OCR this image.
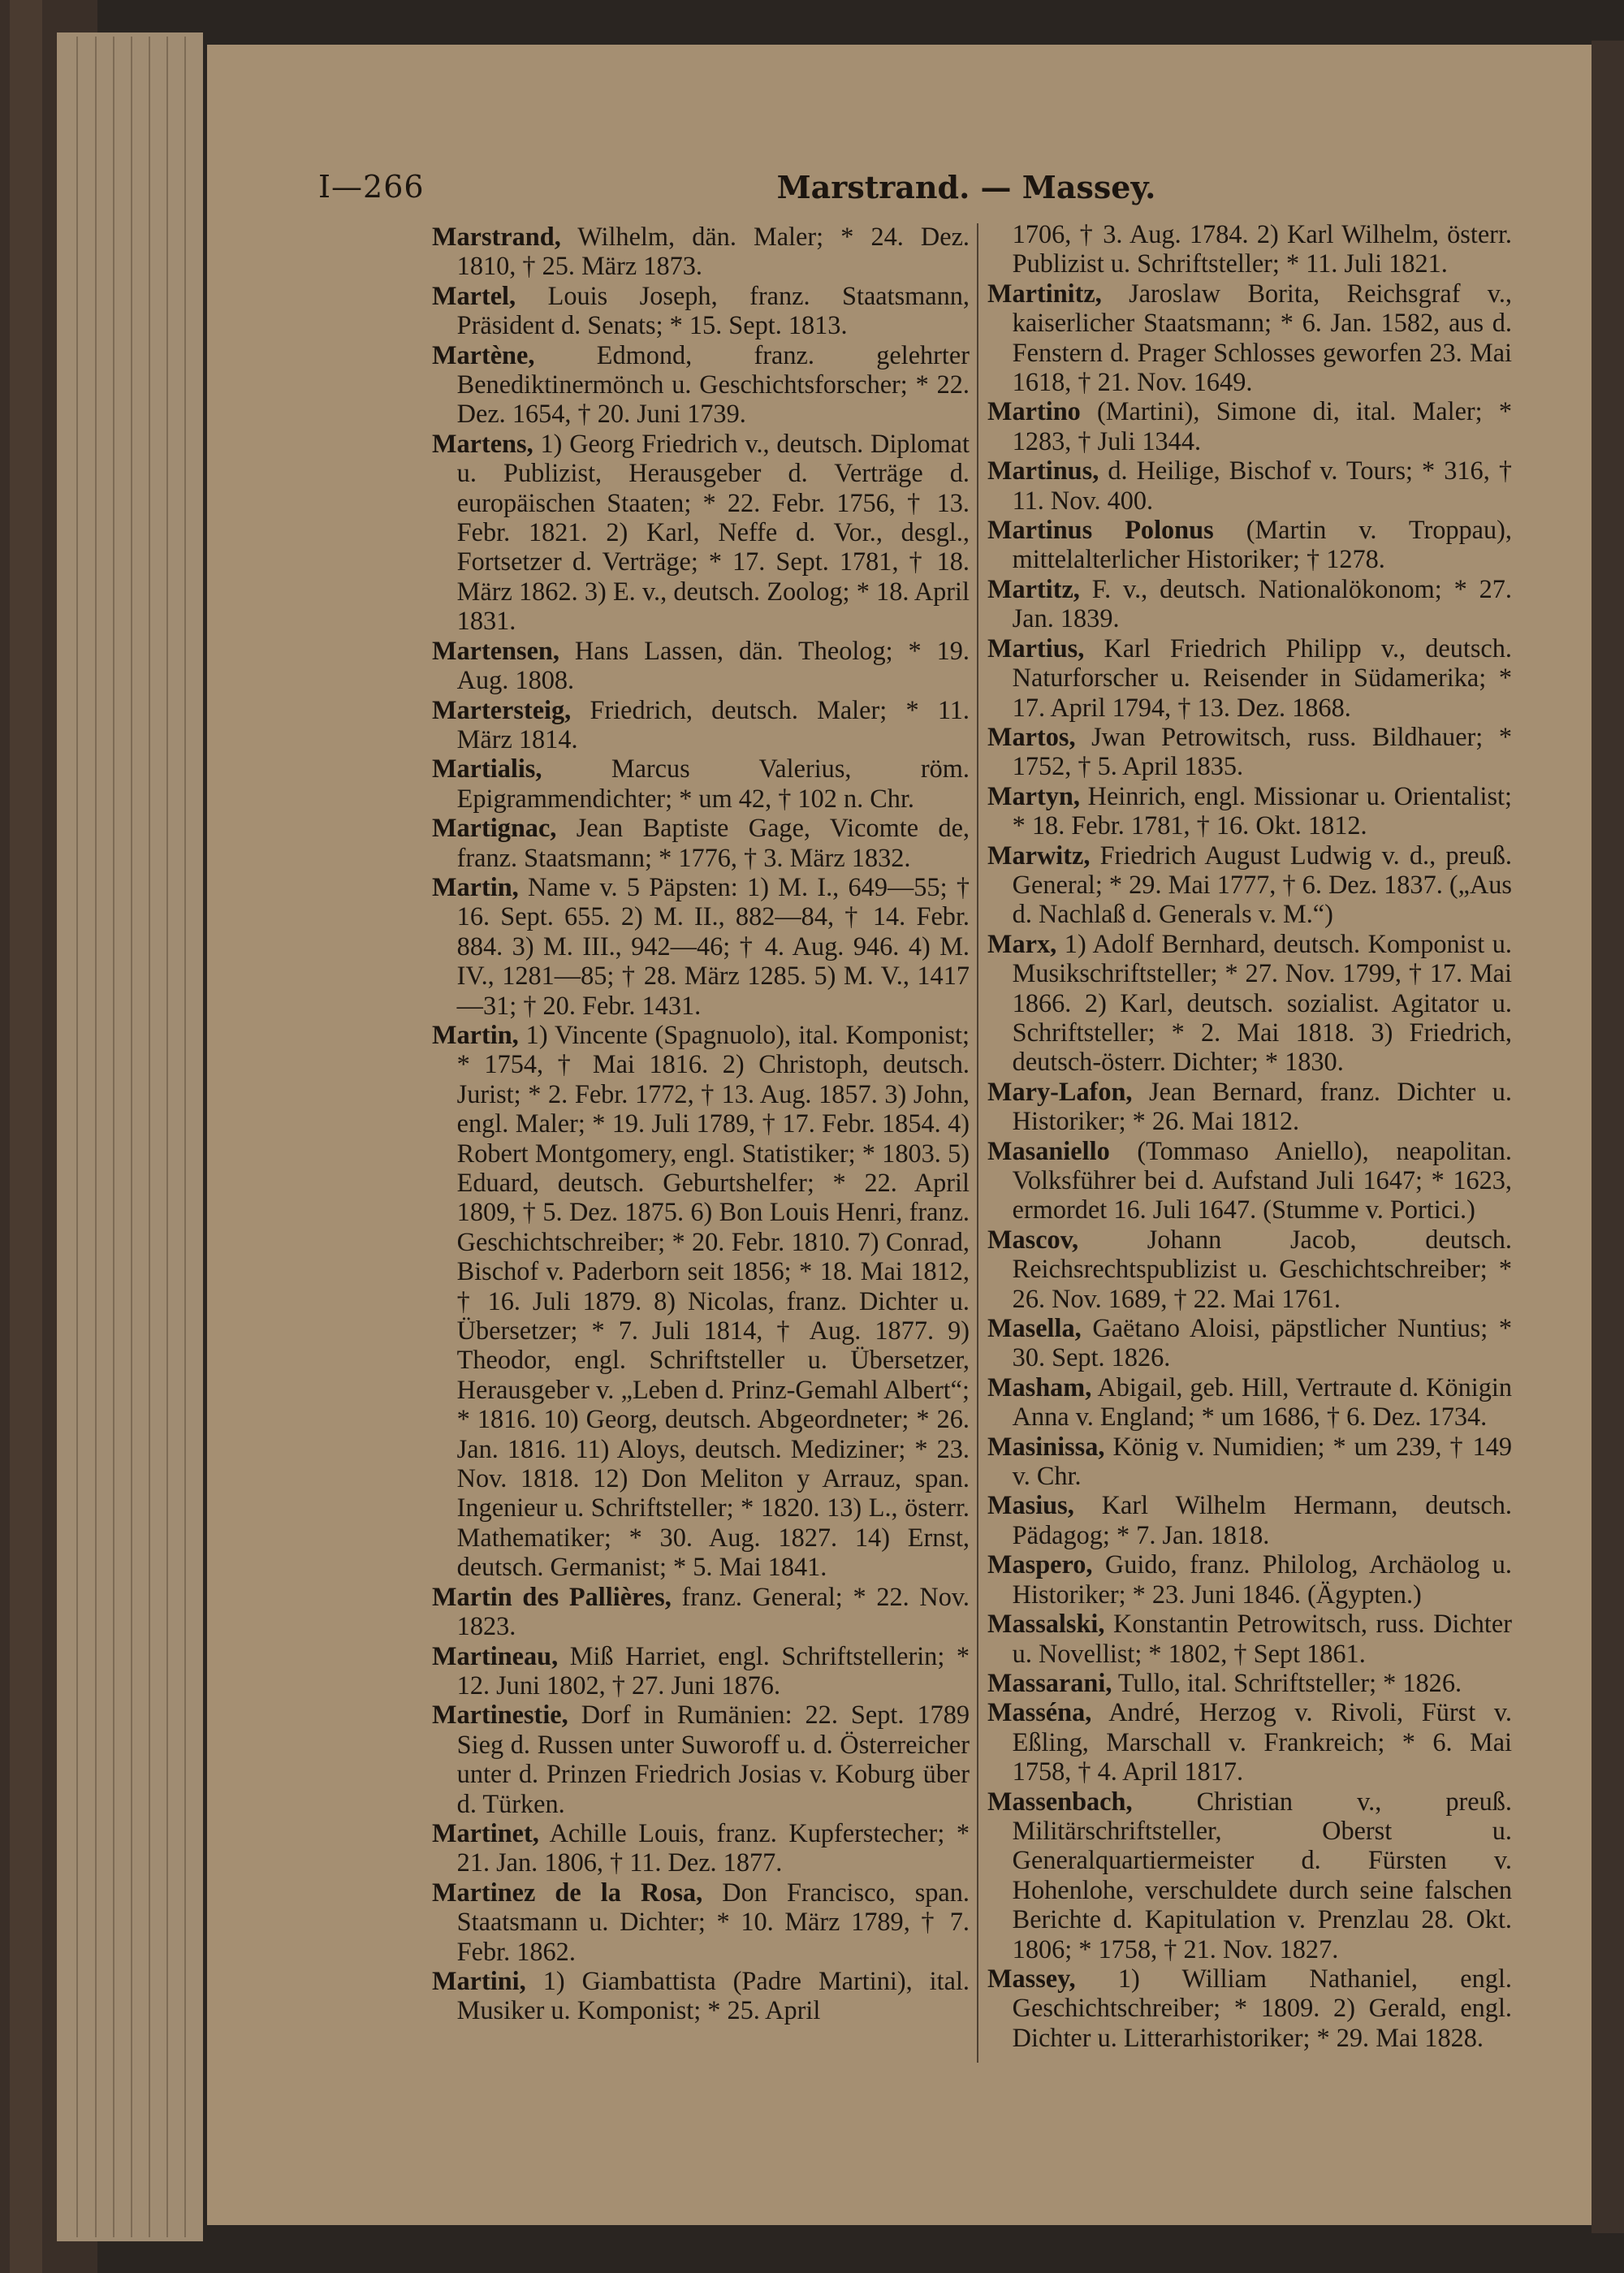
I—266	Marstrand. — Massey.
Marstrand, Wilhelm, dän. Maler; * 24. Dez. 1810, † 25. März 1873.
Martel, Louis Joseph, franz. Staatsmann, Präsident d. Senats; * 15. Sept. 1813.
Martène, Edmond, franz. gelehrter Benediktinermönch u. Geschichtsforscher; * 22. Dez. 1654, † 20. Juni 1739.
Martens, 1) Georg Friedrich v., deutsch. Diplomat u. Publizist, Herausgeber d. Verträge d. europäischen Staaten; * 22. Febr. 1756, † 13. Febr. 1821. 2) Karl, Neffe d. Vor., desgl., Fortsetzer d. Verträge; * 17. Sept. 1781, † 18. März 1862. 3) E. v., deutsch. Zoolog; * 18. April 1831.
Martensen, Hans Lassen, dän. Theolog; * 19. Aug. 1808.
Martersteig, Friedrich, deutsch. Maler; * 11. März 1814.
Martialis, Marcus Valerius, röm. Epigrammendichter; * um 42, † 102 n. Chr.
Martignac, Jean Baptiste Gage, Vicomte de, franz. Staatsmann; * 1776, † 3. März 1832.
Martin, Name v. 5 Päpsten: 1) M. I., 649—55; † 16. Sept. 655. 2) M. II., 882—84, † 14. Febr. 884. 3) M. III., 942—46; † 4. Aug. 946. 4) M. IV., 1281—85; † 28. März 1285. 5) M. V., 1417—31; † 20. Febr. 1431.
Martin, 1) Vincente (Spagnuolo), ital. Komponist; * 1754, † Mai 1816. 2) Christoph, deutsch. Jurist; * 2. Febr. 1772, † 13. Aug. 1857. 3) John, engl. Maler; * 19. Juli 1789, † 17. Febr. 1854. 4) Robert Montgomery, engl. Statistiker; * 1803. 5) Eduard, deutsch. Geburtshelfer; * 22. April 1809, † 5. Dez. 1875. 6) Bon Louis Henri, franz. Geschichtschreiber; * 20. Febr. 1810. 7) Conrad, Bischof v. Paderborn seit 1856; * 18. Mai 1812, † 16. Juli 1879. 8) Nicolas, franz. Dichter u. Übersetzer; * 7. Juli 1814, † Aug. 1877. 9) Theodor, engl. Schriftsteller u. Übersetzer, Herausgeber v. „Leben d. Prinz-Gemahl Albert“; * 1816. 10) Georg, deutsch. Abgeordneter; * 26. Jan. 1816. 11) Aloys, deutsch. Mediziner; * 23. Nov. 1818. 12) Don Meliton y Arrauz, span. Ingenieur u. Schriftsteller; * 1820. 13) L., österr. Mathematiker; * 30. Aug. 1827. 14) Ernst, deutsch. Germanist; * 5. Mai 1841.
Martin des Pallières, franz. General; * 22. Nov. 1823.
Martineau, Miß Harriet, engl. Schriftstellerin; * 12. Juni 1802, † 27. Juni 1876.
Martinestie, Dorf in Rumänien: 22. Sept. 1789 Sieg d. Russen unter Suworoff u. d. Österreicher unter d. Prinzen Friedrich Josias v. Koburg über d. Türken.
Martinet, Achille Louis, franz. Kupferstecher; * 21. Jan. 1806, † 11. Dez. 1877.
Martinez de la Rosa, Don Francisco, span. Staatsmann u. Dichter; * 10. März 1789, † 7. Febr. 1862.
Martini, 1) Giambattista (Padre Martini), ital. Musiker u. Komponist; * 25. April
1706, † 3. Aug. 1784. 2) Karl Wilhelm, österr. Publizist u. Schriftsteller; * 11. Juli 1821.
Martinitz, Jaroslaw Borita, Reichsgraf v., kaiserlicher Staatsmann; * 6. Jan. 1582, aus d. Fenstern d. Prager Schlosses geworfen 23. Mai 1618, † 21. Nov. 1649.
Martino (Martini), Simone di, ital. Maler; * 1283, † Juli 1344.
Martinus, d. Heilige, Bischof v. Tours; * 316, † 11. Nov. 400.
Martinus Polonus (Martin v. Troppau), mittelalterlicher Historiker; † 1278.
Martitz, F. v., deutsch. Nationalökonom; * 27. Jan. 1839.
Martius, Karl Friedrich Philipp v., deutsch. Naturforscher u. Reisender in Südamerika; * 17. April 1794, † 13. Dez. 1868.
Martos, Jwan Petrowitsch, russ. Bildhauer; * 1752, † 5. April 1835.
Martyn, Heinrich, engl. Missionar u. Orientalist; * 18. Febr. 1781, † 16. Okt. 1812.
Marwitz, Friedrich August Ludwig v. d., preuß. General; * 29. Mai 1777, † 6. Dez. 1837. („Aus d. Nachlaß d. Generals v. M.“)
Marx, 1) Adolf Bernhard, deutsch. Komponist u. Musikschriftsteller; * 27. Nov. 1799, † 17. Mai 1866. 2) Karl, deutsch. sozialist. Agitator u. Schriftsteller; * 2. Mai 1818. 3) Friedrich, deutsch-österr. Dichter; * 1830.
Mary-Lafon, Jean Bernard, franz. Dichter u. Historiker; * 26. Mai 1812.
Masaniello (Tommaso Aniello), neapolitan. Volksführer bei d. Aufstand Juli 1647; * 1623, ermordet 16. Juli 1647. (Stumme v. Portici.)
Mascov, Johann Jacob, deutsch. Reichsrechtspublizist u. Geschichtschreiber; * 26. Nov. 1689, † 22. Mai 1761.
Masella, Gaëtano Aloisi, päpstlicher Nuntius; * 30. Sept. 1826.
Masham, Abigail, geb. Hill, Vertraute d. Königin Anna v. England; * um 1686, † 6. Dez. 1734.
Masinissa, König v. Numidien; * um 239, † 149 v. Chr.
Masius, Karl Wilhelm Hermann, deutsch. Pädagog; * 7. Jan. 1818.
Maspero, Guido, franz. Philolog, Archäolog u. Historiker; * 23. Juni 1846. (Ägypten.)
Massalski, Konstantin Petrowitsch, russ. Dichter u. Novellist; * 1802, † Sept 1861.
Massarani, Tullo, ital. Schriftsteller; * 1826.
Masséna, André, Herzog v. Rivoli, Fürst v. Eßling, Marschall v. Frankreich; * 6. Mai 1758, † 4. April 1817.
Massenbach, Christian v., preuß. Militärschriftsteller, Oberst u. Generalquartiermeister d. Fürsten v. Hohenlohe, verschuldete durch seine falschen Berichte d. Kapitulation v. Prenzlau 28. Okt. 1806; * 1758, † 21. Nov. 1827.
Massey, 1) William Nathaniel, engl. Geschichtschreiber; * 1809. 2) Gerald, engl. Dichter u. Litterarhistoriker; * 29. Mai 1828.
